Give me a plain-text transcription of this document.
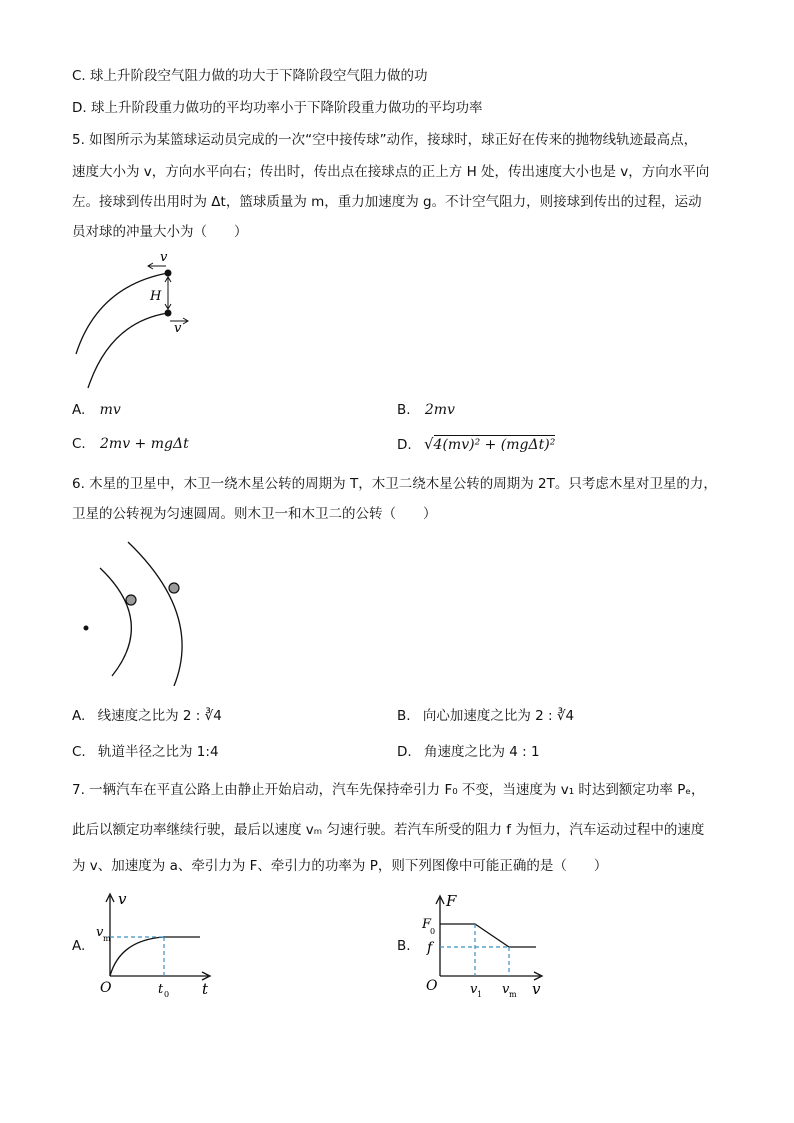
C. 球上升阶段空气阻力做的功大于下降阶段空气阻力做的功
D. 球上升阶段重力做功的平均功率小于下降阶段重力做功的平均功率
5. 如图所示为某篮球运动员完成的一次“空中接传球”动作，接球时，球正好在传来的抛物线轨迹最高点，
速度大小为 v，方向水平向右；传出时，传出点在接球点的正上方 H 处，传出速度大小也是 v，方向水平向
左。接球到传出用时为 Δt，篮球质量为 m，重力加速度为 g。不计空气阻力，则接球到传出的过程，运动
员对球的冲量大小为（　　）
v
H
v
A. mv	B. 2mv
C. 2mv + mgΔt	D. √4(mv)² + (mgΔt)²
6. 木星的卫星中，木卫一绕木星公转的周期为 T，木卫二绕木星公转的周期为 2T。只考虑木星对卫星的力，
卫星的公转视为匀速圆周。则木卫一和木卫二的公转（　　）
A. 线速度之比为 2 : ∛4	B. 向心加速度之比为 2 : ∛4
C. 轨道半径之比为 1:4	D. 角速度之比为 4 : 1
7. 一辆汽车在平直公路上由静止开始启动，汽车先保持牵引力 F₀ 不变，当速度为 v₁ 时达到额定功率 Pₑ，
此后以额定功率继续行驶，最后以速度 vₘ 匀速行驶。若汽车所受的阻力 f 为恒力，汽车运动过程中的速度
为 v、加速度为 a、牵引力为 F、牵引力的功率为 P，则下列图像中可能正确的是（　　）
A.
v
t
O
v m
t 0
B.
F
v
O
F
0
f
v 1 v m
